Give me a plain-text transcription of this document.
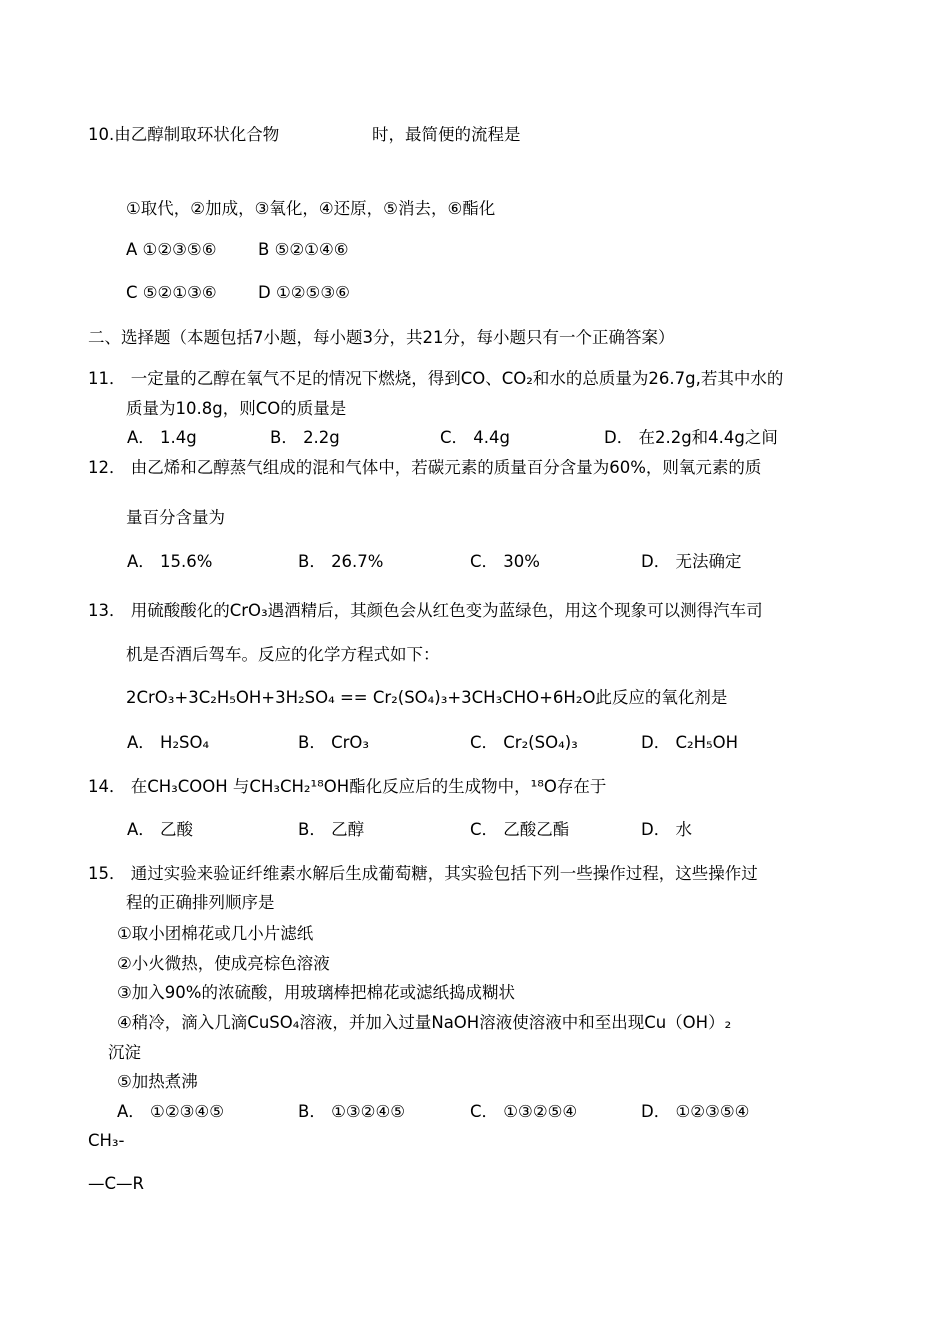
10.由乙醇制取环状化合物	时，最简便的流程是
①取代，②加成，③氧化，④还原，⑤消去，⑥酯化
A ①②③⑤⑥	B ⑤②①④⑥
C ⑤②①③⑥	D ①②⑤③⑥
二、选择题（本题包括7小题，每小题3分，共21分，每小题只有一个正确答案）
11． 一定量的乙醇在氧气不足的情况下燃烧，得到CO、CO₂和水的总质量为26.7g,若其中水的
质量为10.8g，则CO的质量是
A． 1.4g	B． 2.2g	C． 4.4g	D． 在2.2g和4.4g之间
12． 由乙烯和乙醇蒸气组成的混和气体中，若碳元素的质量百分含量为60%，则氧元素的质
量百分含量为
A． 15.6%	B． 26.7%	C． 30%	D． 无法确定
13． 用硫酸酸化的CrO₃遇酒精后，其颜色会从红色变为蓝绿色，用这个现象可以测得汽车司
机是否酒后驾车。反应的化学方程式如下：
2CrO₃+3C₂H₅OH+3H₂SO₄ == Cr₂(SO₄)₃+3CH₃CHO+6H₂O此反应的氧化剂是
A． H₂SO₄	B． CrO₃	C． Cr₂(SO₄)₃	D． C₂H₅OH
14． 在CH₃COOH 与CH₃CH₂¹⁸OH酯化反应后的生成物中，¹⁸O存在于
A． 乙酸	B． 乙醇	C． 乙酸乙酯	D． 水
15． 通过实验来验证纤维素水解后生成葡萄糖，其实验包括下列一些操作过程，这些操作过
程的正确排列顺序是
①取小团棉花或几小片滤纸
②小火微热，使成亮棕色溶液
③加入90%的浓硫酸，用玻璃棒把棉花或滤纸捣成糊状
④稍冷，滴入几滴CuSO₄溶液，并加入过量NaOH溶液使溶液中和至出现Cu（OH）₂
沉淀
⑤加热煮沸
A． ①②③④⑤	B． ①③②④⑤	C． ①③②⑤④	D． ①②③⑤④
CH₃-
—C—R
